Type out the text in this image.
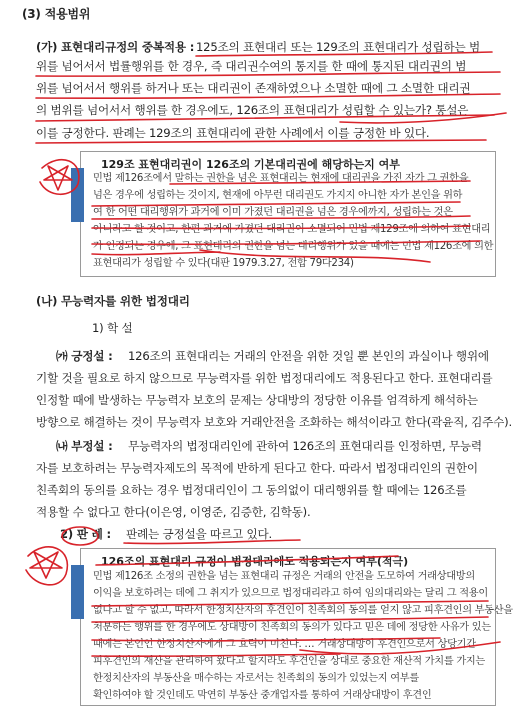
(3) 적용범위
(가) 표현대리규정의 중복적용 : 125조의 표현대리 또는 129조의 표현대리가 성립하는 범
위를 넘어서서 법률행위를 한 경우, 즉 대리권수여의 통지를 한 때에 통지된 대리권의 범
위를 넘어서서 행위를 하거나 또는 대리권이 존재하였으나 소멸한 때에 그 소멸한 대리권
의 범위를 넘어서서 행위를 한 경우에도, 126조의 표현대리가 성립할 수 있는가? 통설은
이를 긍정한다. 판례는 129조의 표현대리에 관한 사례에서 이를 긍정한 바 있다.
129조 표현대리권이 126조의 기본대리권에 해당하는지 여부
민법 제126조에서 말하는 권한을 넘은 표현대리는 현재에 대리권을 가진 자가 그 권한을
넘은 경우에 성립하는 것이지, 현재에 아무런 대리권도 가지지 아니한 자가 본인을 위하
여 한 어떤 대리행위가 과거에 이미 가졌던 대리권을 넘은 경우에까지, 성립하는 것은
아니라고 할 것이고, 한편 과거에 가졌던 대리권이 소멸되어 민법 제129조에 의하여 표현대리
가 인정되는 경우에, 그 표현대리의 권한을 넘는 대리행위가 있을 때에는 민법 제126조에 의한
표현대리가 성립할 수 있다(대판 1979.3.27, 전합 79다234)
(나) 무능력자를 위한 법정대리
1) 학 설
㈎ 긍정설 : 126조의 표현대리는 거래의 안전을 위한 것일 뿐 본인의 과실이나 행위에
기할 것을 필요로 하지 않으므로 무능력자를 위한 법정대리에도 적용된다고 한다. 표현대리를
인정할 때에 발생하는 무능력자 보호의 문제는 상대방의 정당한 이유를 엄격하게 해석하는
방향으로 해결하는 것이 무능력자 보호와 거래안전을 조화하는 해석이라고 한다(곽윤직, 김주수).
㈏ 부정설 : 무능력자의 법정대리인에 관하여 126조의 표현대리를 인정하면, 무능력
자를 보호하려는 무능력자제도의 목적에 반하게 된다고 한다. 따라서 법정대리인의 권한이
친족회의 동의를 요하는 경우 법정대리인이 그 동의없이 대리행위를 할 때에는 126조를
적용할 수 없다고 한다(이은영, 이영준, 김증한, 김학동).
2) 판 례 : 판례는 긍정설을 따르고 있다.
126조의 표현대리 규정이 법정대리에도 적용되는지 여부(적극)
민법 제126조 소정의 권한을 넘는 표현대리 규정은 거래의 안전을 도모하여 거래상대방의
이익을 보호하려는 데에 그 취지가 있으므로 법정대리라고 하여 임의대리와는 달리 그 적용이
없다고 할 수 없고, 따라서 한정치산자의 후견인이 친족회의 동의를 얻지 않고 피후견인의 부동산을
처분하는 행위를 한 경우에도 상대방이 친족회의 동의가 있다고 믿은 데에 정당한 사유가 있는
때에는 본인인 한정치산자에게 그 효력이 미친다. … 거래상대방이 후견인으로서 상당기간
피후견인의 재산을 관리하여 왔다고 할지라도 후견인을 상대로 중요한 재산적 가치를 가지는
한정치산자의 부동산을 매수하는 자로서는 친족회의 동의가 있었는지 여부를
확인하여야 할 것인데도 막연히 부동산 중개업자를 통하여 거래상대방이 후견인
